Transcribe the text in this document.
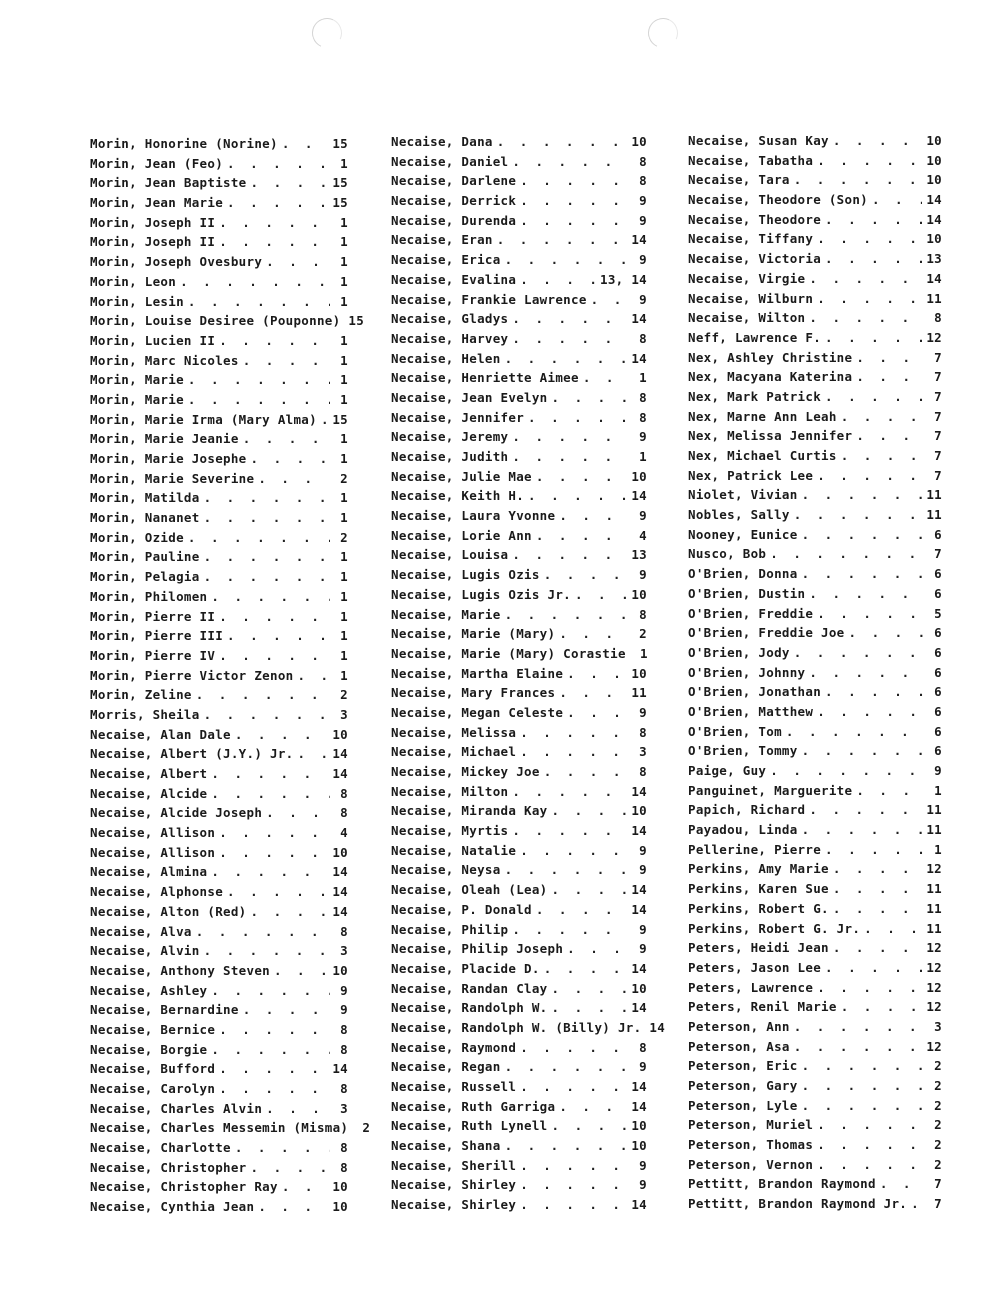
Morin, Honorine (Norine) . . .	15
Morin, Jean (Feo) . . .	1
Morin, Jean Baptiste . . .	15
Morin, Jean Marie . . .	15
Morin, Joseph II . . .	1
Morin, Joseph II . . .	1
Morin, Joseph Ovesbury . . .	1
Morin, Leon . . .	1
Morin, Lesin . . .	1
Morin, Louise Desiree (Pouponne) 15
Morin, Lucien II . . .	1
Morin, Marc Nicoles . . .	1
Morin, Marie . . .	1
Morin, Marie . . .	1
Morin, Marie Irma (Mary Alma) . . . 15
Morin, Marie Jeanie . . .	1
Morin, Marie Josephe . . .	1
Morin, Marie Severine . . .	2
Morin, Matilda . . .	1
Morin, Nananet . . .	1
Morin, Ozide . . .	2
Morin, Pauline . . .	1
Morin, Pelagia . . .	1
Morin, Philomen . . .	1
Morin, Pierre II . . .	1
Morin, Pierre III . . .	1
Morin, Pierre IV . . .	1
Morin, Pierre Victor Zenon . . .	1
Morin, Zeline . . .	2
Morris, Sheila . . .	3
Necaise, Alan Dale . . .	10
Necaise, Albert (J.Y.) Jr. . . .	14
Necaise, Albert . . .	14
Necaise, Alcide . . .	8
Necaise, Alcide Joseph . . .	8
Necaise, Allison . . .	4
Necaise, Allison . . .	10
Necaise, Almina . . .	14
Necaise, Alphonse . . .	14
Necaise, Alton (Red) . . .	14
Necaise, Alva . . .	8
Necaise, Alvin . . .	3
Necaise, Anthony Steven . . .	10
Necaise, Ashley . . .	9
Necaise, Bernardine . . .	9
Necaise, Bernice . . .	8
Necaise, Borgie . . .	8
Necaise, Bufford . . .	14
Necaise, Carolyn . . .	8
Necaise, Charles Alvin . . .	3
Necaise, Charles Messemin (Misma)	2
Necaise, Charlotte . . .	8
Necaise, Christopher . . .	8
Necaise, Christopher Ray . . .	10
Necaise, Cynthia Jean . . .	10
Necaise, Dana . . .	10
Necaise, Daniel . . .	8
Necaise, Darlene . . .	8
Necaise, Derrick . . .	9
Necaise, Durenda . . .	9
Necaise, Eran . . .	14
Necaise, Erica . . .	9
Necaise, Evalina . . .	13, 14
Necaise, Frankie Lawrence . . .	9
Necaise, Gladys . . .	14
Necaise, Harvey . . .	8
Necaise, Helen . . .	14
Necaise, Henriette Aimee . . .	1
Necaise, Jean Evelyn . . .	8
Necaise, Jennifer . . .	8
Necaise, Jeremy . . .	9
Necaise, Judith . . .	1
Necaise, Julie Mae . . .	10
Necaise, Keith H. . . .	14
Necaise, Laura Yvonne . . .	9
Necaise, Lorie Ann . . .	4
Necaise, Louisa . . .	13
Necaise, Lugis Ozis . . .	9
Necaise, Lugis Ozis Jr. . . .	10
Necaise, Marie . . .	8
Necaise, Marie (Mary) . . .	2
Necaise, Marie (Mary) Corastie	1
Necaise, Martha Elaine . . .	10
Necaise, Mary Frances . . .	11
Necaise, Megan Celeste . . .	9
Necaise, Melissa . . .	8
Necaise, Michael . . .	3
Necaise, Mickey Joe . . .	8
Necaise, Milton . . .	14
Necaise, Miranda Kay . . .	10
Necaise, Myrtis . . .	14
Necaise, Natalie . . .	9
Necaise, Neysa . . .	9
Necaise, Oleah (Lea) . . .	14
Necaise, P. Donald . . .	14
Necaise, Philip . . .	9
Necaise, Philip Joseph . . .	9
Necaise, Placide D. . . .	14
Necaise, Randan Clay . . .	10
Necaise, Randolph W. . . .	14
Necaise, Randolph W. (Billy) Jr. 14
Necaise, Raymond . . .	8
Necaise, Regan . . .	9
Necaise, Russell . . .	14
Necaise, Ruth Garriga . . .	14
Necaise, Ruth Lynell . . .	10
Necaise, Shana . . .	10
Necaise, Sherill . . .	9
Necaise, Shirley . . .	9
Necaise, Shirley . . .	14
Necaise, Susan Kay . . .	10
Necaise, Tabatha . . .	10
Necaise, Tara . . .	10
Necaise, Theodore (Son) . . .	14
Necaise, Theodore . . .	14
Necaise, Tiffany . . .	10
Necaise, Victoria . . .	13
Necaise, Virgie . . .	14
Necaise, Wilburn . . .	11
Necaise, Wilton . . .	8
Neff, Lawrence F. . . .	12
Nex, Ashley Christine . . .	7
Nex, Macyana Katerina . . .	7
Nex, Mark Patrick . . .	7
Nex, Marne Ann Leah . . .	7
Nex, Melissa Jennifer . . .	7
Nex, Michael Curtis . . .	7
Nex, Patrick Lee . . .	7
Niolet, Vivian . . .	11
Nobles, Sally . . .	11
Nooney, Eunice . . .	6
Nusco, Bob . . .	7
O'Brien, Donna . . .	6
O'Brien, Dustin . . .	6
O'Brien, Freddie . . .	5
O'Brien, Freddie Joe . . .	6
O'Brien, Jody . . .	6
O'Brien, Johnny . . .	6
O'Brien, Jonathan . . .	6
O'Brien, Matthew . . .	6
O'Brien, Tom . . .	6
O'Brien, Tommy . . .	6
Paige, Guy . . .	9
Panguinet, Marguerite . . .	1
Papich, Richard . . .	11
Payadou, Linda . . .	11
Pellerine, Pierre . . .	1
Perkins, Amy Marie . . .	12
Perkins, Karen Sue . . .	11
Perkins, Robert G. . . .	11
Perkins, Robert G. Jr. . . .	11
Peters, Heidi Jean . . .	12
Peters, Jason Lee . . .	12
Peters, Lawrence . . .	12
Peters, Renil Marie . . .	12
Peterson, Ann . . .	3
Peterson, Asa . . .	12
Peterson, Eric . . .	2
Peterson, Gary . . .	2
Peterson, Lyle . . .	2
Peterson, Muriel . . .	2
Peterson, Thomas . . .	2
Peterson, Vernon . . .	2
Pettitt, Brandon Raymond . . .	7
Pettitt, Brandon Raymond Jr. . . .	7
